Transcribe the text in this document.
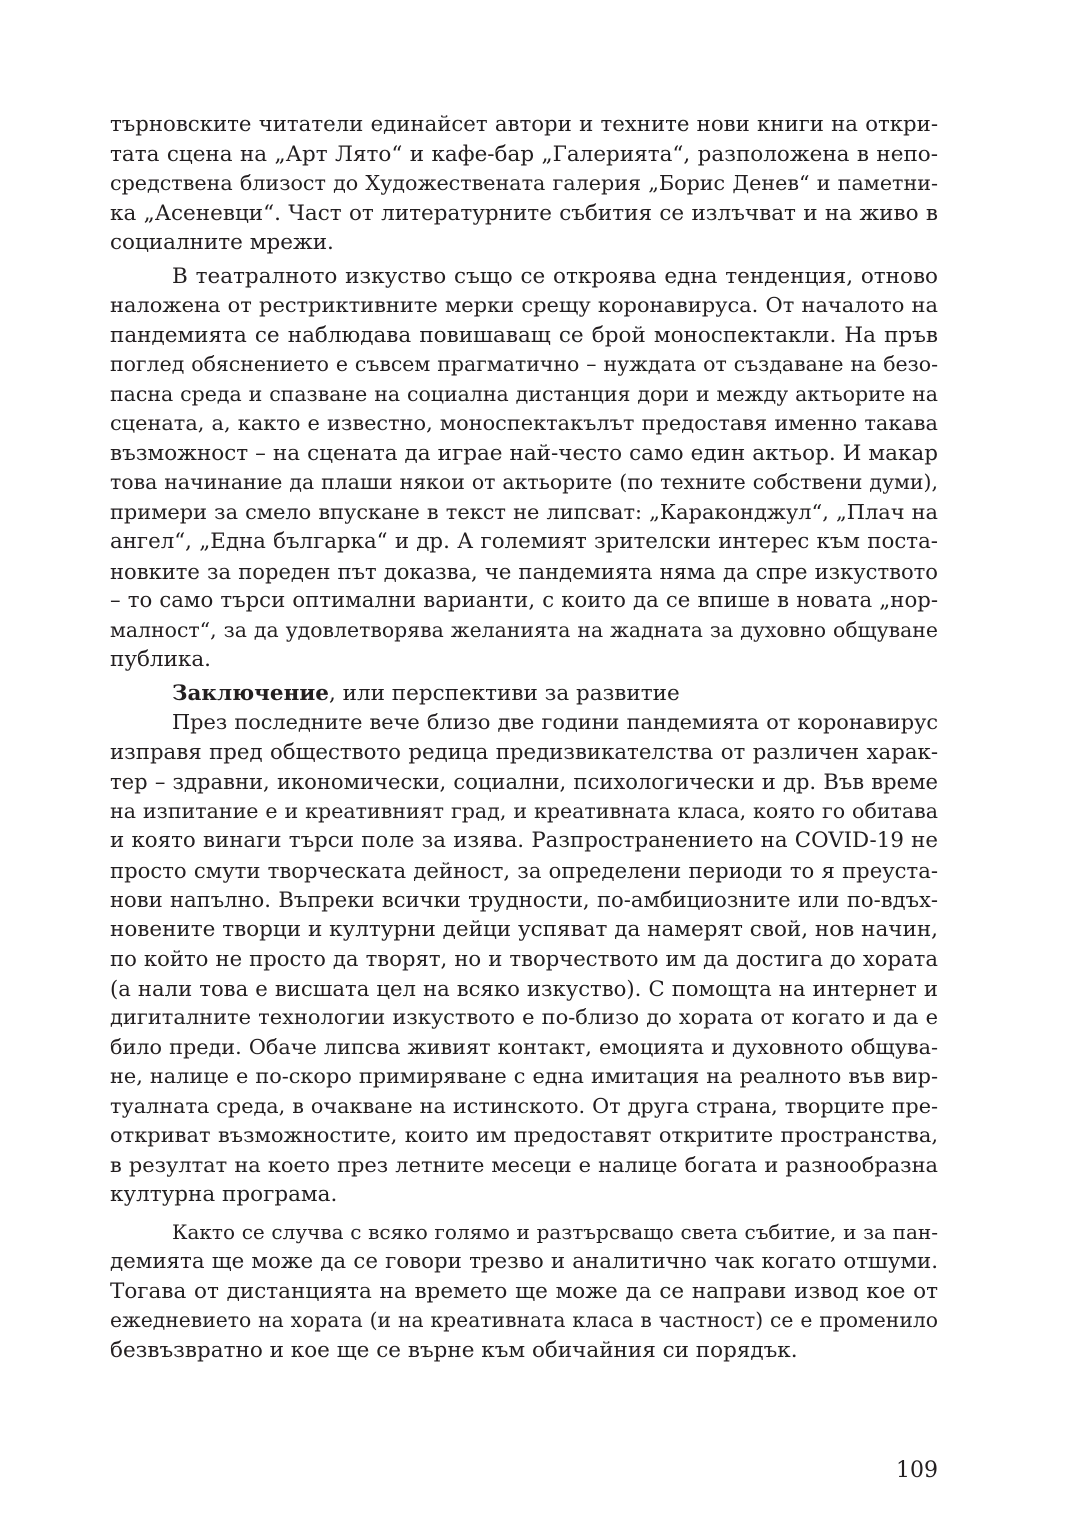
търновските читатели единайсет автори и техните нови книги на откри-
тата сцена на „Арт Лято“ и кафе-бар „Галерията“, разположена в непо-
средствена близост до Художествената галерия „Борис Денев“ и паметни-
ка „Асеневци“. Част от литературните събития се излъчват и на живо в
социалните мрежи.

В театралното изкуство също се откроява една тенденция, отново
наложена от рестриктивните мерки срещу коронавируса. От началото на
пандемията се наблюдава повишаващ се брой моноспектакли. На пръв
поглед обяснението е съвсем прагматично – нуждата от създаване на безо-
пасна среда и спазване на социална дистанция дори и между актьорите на
сцената, а, както е известно, моноспектакълът предоставя именно такава
възможност – на сцената да играе най-често само един актьор. И макар
това начинание да плаши някои от актьорите (по техните собствени думи),
примери за смело впускане в текст не липсват: „Караконджул“, „Плач на
ангел“, „Една българка“ и др. А големият зрителски интерес към поста-
новките за пореден път доказва, че пандемията няма да спре изкуството
– то само търси оптимални варианти, с които да се впише в новата „нор-
малност“, за да удовлетворява желанията на жадната за духовно общуване
публика.

Заключение, или перспективи за развитие

През последните вече близо две години пандемията от коронавирус
изправя пред обществото редица предизвикателства от различен харак-
тер – здравни, икономически, социални, психологически и др. Във време
на изпитание е и креативният град, и креативната класа, която го обитава
и която винаги търси поле за изява. Разпространението на COVID-19 не
просто смути творческата дейност, за определени периоди то я преуста-
нови напълно. Въпреки всички трудности, по-амбициозните или по-вдъх-
новените творци и културни дейци успяват да намерят свой, нов начин,
по който не просто да творят, но и творчеството им да достига до хората
(а нали това е висшата цел на всяко изкуство). С помощта на интернет и
дигиталните технологии изкуството е по-близо до хората от когато и да е
било преди. Обаче липсва живият контакт, емоцията и духовното общува-
не, налице е по-скоро примиряване с една имитация на реалното във вир-
туалната среда, в очакване на истинското. От друга страна, творците пре-
откриват възможностите, които им предоставят откритите пространства,
в резултат на което през летните месеци е налице богата и разнообразна
културна програма.

Както се случва с всяко голямо и разтърсващо света събитие, и за пан-
демията ще може да се говори трезво и аналитично чак когато отшуми.
Тогава от дистанцията на времето ще може да се направи извод кое от
ежедневието на хората (и на креативната класа в частност) се е променило
безвъзвратно и кое ще се върне към обичайния си порядък.

109
